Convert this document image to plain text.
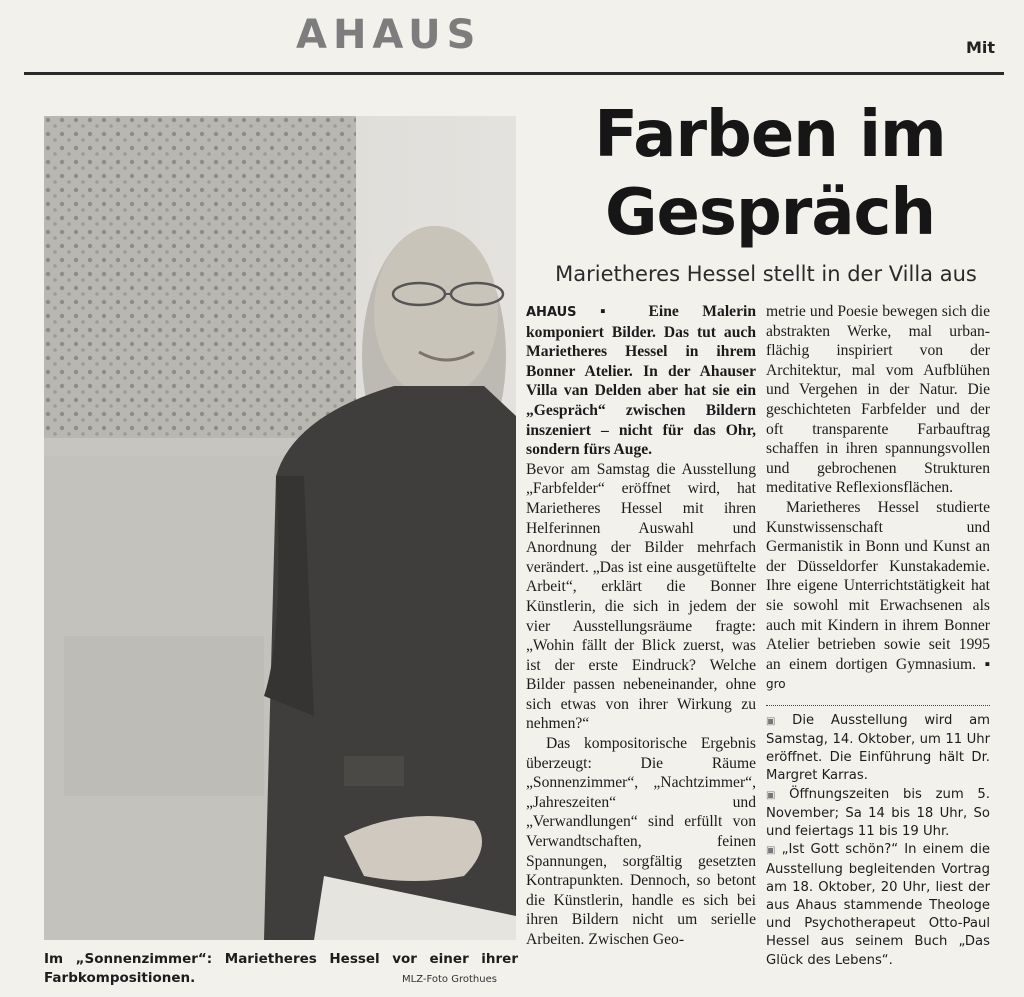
AHAUS	Mit
Im „Sonnenzimmer“: Marietheres Hessel vor einer ihrer
Farbkompositionen.	MLZ-Foto Grothues
Farben im
Gespräch
Marietheres Hessel stellt in der Villa aus

AHAUS ▪ Eine Malerin komponiert Bilder. Das tut auch Marietheres Hessel in ihrem Bonner Atelier. In der Ahauser Villa van Delden aber hat sie ein „Gespräch“ zwischen Bildern inszeniert – nicht für das Ohr, sondern fürs Auge.

Bevor am Samstag die Ausstellung „Farbfelder“ eröffnet wird, hat Marietheres Hessel mit ihren Helferinnen Auswahl und Anordnung der Bilder mehrfach verändert. „Das ist eine ausgetüftelte Arbeit“, erklärt die Bonner Künstlerin, die sich in jedem der vier Ausstellungsräume fragte: „Wohin fällt der Blick zuerst, was ist der erste Eindruck? Welche Bilder passen nebeneinander, ohne sich etwas von ihrer Wirkung zu nehmen?“

Das kompositorische Ergebnis überzeugt: Die Räume „Sonnenzimmer“, „Nachtzimmer“, „Jahreszeiten“ und „Verwandlungen“ sind erfüllt von Verwandtschaften, feinen Spannungen, sorgfältig gesetzten Kontrapunkten. Dennoch, so betont die Künstlerin, handle es sich bei ihren Bildern nicht um serielle Arbeiten. Zwischen Geo-

metrie und Poesie bewegen sich die abstrakten Werke, mal urban-flächig inspiriert von der Architektur, mal vom Aufblühen und Vergehen in der Natur. Die geschichteten Farbfelder und der oft transparente Farbauftrag schaffen in ihren spannungsvollen und gebrochenen Strukturen meditative Reflexionsflächen.

Marietheres Hessel studierte Kunstwissenschaft und Germanistik in Bonn und Kunst an der Düsseldorfer Kunstakademie. Ihre eigene Unterrichtstätigkeit hat sie sowohl mit Erwachsenen als auch mit Kindern in ihrem Bonner Atelier betrieben sowie seit 1995 an einem dortigen Gymnasium. ▪ gro

▣ Die Ausstellung wird am Samstag, 14. Oktober, um 11 Uhr eröffnet. Die Einführung hält Dr. Margret Karras.

▣ Öffnungszeiten bis zum 5. November; Sa 14 bis 18 Uhr, So und feiertags 11 bis 19 Uhr.

▣ „Ist Gott schön?“ In einem die Ausstellung begleitenden Vortrag am 18. Oktober, 20 Uhr, liest der aus Ahaus stammende Theologe und Psychotherapeut Otto-Paul Hessel aus seinem Buch „Das Glück des Lebens“.
